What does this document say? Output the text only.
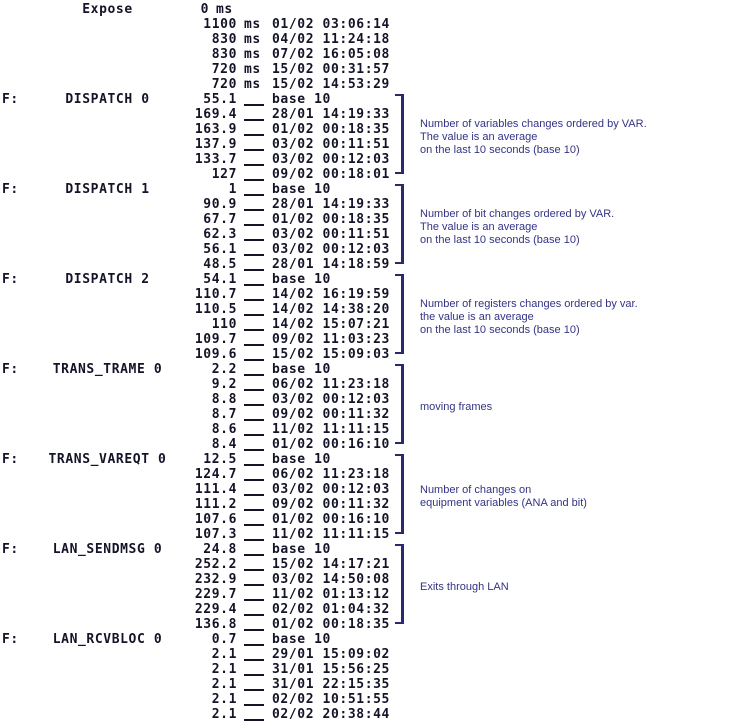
Expose	0 ms
1100 ms 01/02 03:06:14
830 ms 04/02 11:24:18
830 ms 07/02 16:05:08
720 ms 15/02 00:31:57
720 ms 15/02 14:53:29
F:	DISPATCH 0	55.1	base 10
169.4	28/01 14:19:33
163.9	01/02 00:18:35
137.9	03/02 00:11:51
133.7	03/02 00:12:03
127	09/02 00:18:01
Number of variables changes ordered by VAR.
The value is an average
on the last 10 seconds (base 10)
F:	DISPATCH 1	1	base 10
90.9	28/01 14:19:33
67.7	01/02 00:18:35
62.3	03/02 00:11:51
56.1	03/02 00:12:03
48.5	28/01 14:18:59
Number of bit changes ordered by VAR.
The value is an average
on the last 10 seconds (base 10)
F:	DISPATCH 2	54.1	base 10
110.7	14/02 16:19:59
110.5	14/02 14:38:20
110	14/02 15:07:21
109.7	09/02 11:03:23
109.6	15/02 15:09:03
Number of registers changes ordered by var.
the value is an average
on the last 10 seconds (base 10)
F:	TRANS_TRAME 0	2.2	base 10
9.2	06/02 11:23:18
8.8	03/02 00:12:03
8.7	09/02 00:11:32
8.6	11/02 11:11:15
8.4	01/02 00:16:10
moving frames
F:	TRANS_VAREQT 0	12.5	base 10
124.7	06/02 11:23:18
111.4	03/02 00:12:03
111.2	09/02 00:11:32
107.6	01/02 00:16:10
107.3	11/02 11:11:15
Number of changes on
equipment variables (ANA and bit)
F:	LAN_SENDMSG 0	24.8	base 10
252.2	15/02 14:17:21
232.9	03/02 14:50:08
229.7	11/02 01:13:12
229.4	02/02 01:04:32
136.8	01/02 00:18:35
Exits through LAN
F:	LAN_RCVBLOC 0	0.7	base 10
2.1	29/01 15:09:02
2.1	31/01 15:56:25
2.1	31/01 22:15:35
2.1	02/02 10:51:55
2.1	02/02 20:38:44
